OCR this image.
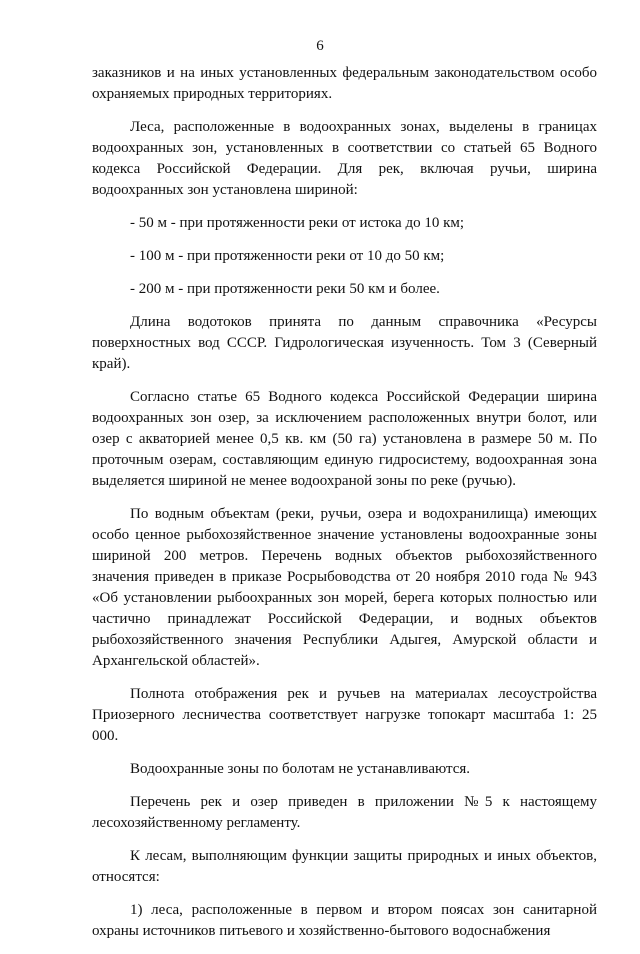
6

заказников и на иных установленных федеральным законодательством особо охраняемых природных территориях.

Леса, расположенные в водоохранных зонах, выделены в границах водоохранных зон, установленных в соответствии со статьей 65 Водного кодекса Российской Федерации. Для рек, включая ручьи, ширина водоохранных зон установлена шириной:

- 50 м - при протяженности реки от истока до 10 км;

- 100 м - при протяженности реки от 10 до 50 км;

- 200 м - при протяженности реки 50 км и более.

Длина водотоков принята по данным справочника «Ресурсы поверхностных вод СССР. Гидрологическая изученность. Том 3 (Северный край).

Согласно статье 65 Водного кодекса Российской Федерации ширина водоохранных зон озер, за исключением расположенных внутри болот, или озер с акваторией менее 0,5 кв. км (50 га) установлена в размере 50 м. По проточным озерам, составляющим единую гидросистему, водоохранная зона выделяется шириной не менее водоохраной зоны по реке (ручью).

По водным объектам (реки, ручьи, озера и водохранилища) имеющих особо ценное рыбохозяйственное значение установлены водоохранные зоны шириной 200 метров. Перечень водных объектов рыбохозяйственного значения приведен в приказе Росрыбоводства от 20 ноября 2010 года № 943 «Об установлении рыбоохранных зон морей, берега которых полностью или частично принадлежат Российской Федерации, и водных объектов рыбохозяйственного значения Республики Адыгея, Амурской области и Архангельской областей».

Полнота отображения рек и ручьев на материалах лесоустройства Приозерного лесничества соответствует нагрузке топокарт масштаба 1: 25 000.

Водоохранные зоны по болотам не устанавливаются.

Перечень рек и озер приведен в приложении №5 к настоящему лесохозяйственному регламенту.

К лесам, выполняющим функции защиты природных и иных объектов, относятся:

1) леса, расположенные в первом и втором поясах зон санитарной охраны источников питьевого и хозяйственно-бытового водоснабжения
